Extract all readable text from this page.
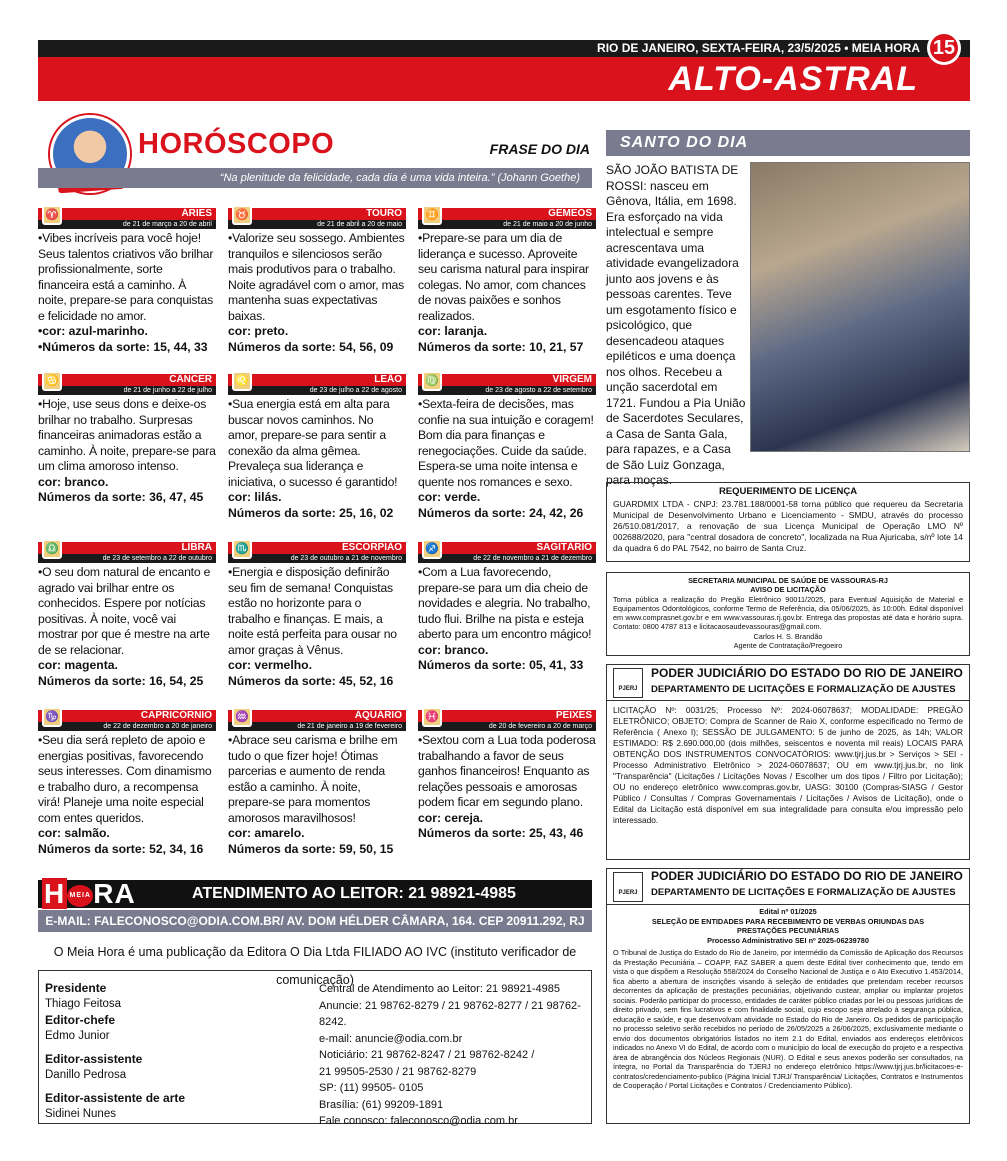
RIO DE JANEIRO, SEXTA-FEIRA, 23/5/2025 • MEIA HORA
ALTO-ASTRAL
15
HORÓSCOPO	FRASE DO DIA
“Na plenitude da felicidade, cada dia é uma vida inteira.” (Johann Goethe)
♈	ÁRIES
de 21 de março a 20 de abril
•Vibes incríveis para você hoje! Seus talentos criativos vão brilhar profissionalmente, sorte financeira está a caminho. À noite, prepare-se para conquistas e felicidade no amor.
•cor: azul-marinho.
•Números da sorte: 15, 44, 33
♉	TOURO
de 21 de abril a 20 de maio
•Valorize seu sossego. Ambientes tranquilos e silenciosos serão mais produtivos para o trabalho. Noite agradável com o amor, mas mantenha suas expectativas baixas.
cor: preto.
Números da sorte: 54, 56, 09
♊	GÊMEOS
de 21 de maio a 20 de junho
•Prepare-se para um dia de liderança e sucesso. Aproveite seu carisma natural para inspirar colegas. No amor, com chances de novas paixões e sonhos realizados.
cor: laranja.
Números da sorte: 10, 21, 57
♋	CÂNCER
de 21 de junho a 22 de julho
•Hoje, use seus dons e deixe-os brilhar no trabalho. Surpresas financeiras animadoras estão a caminho. À noite, prepare-se para um clima amoroso intenso.
cor: branco.
Números da sorte: 36, 47, 45
♌	LEÃO
de 23 de julho a 22 de agosto
•Sua energia está em alta para buscar novos caminhos. No amor, prepare-se para sentir a conexão da alma gêmea. Prevaleça sua liderança e iniciativa, o sucesso é garantido!
cor: lilás.
Números da sorte: 25, 16, 02
♍	VIRGEM
de 23 de agosto a 22 de setembro
•Sexta-feira de decisões, mas confie na sua intuição e coragem! Bom dia para finanças e renegociações. Cuide da saúde. Espera-se uma noite intensa e quente nos romances e sexo.
cor: verde.
Números da sorte: 24, 42, 26
♎	LIBRA
de 23 de setembro a 22 de outubro
•O seu dom natural de encanto e agrado vai brilhar entre os conhecidos. Espere por notícias positivas. À noite, você vai mostrar por que é mestre na arte de se relacionar.
cor: magenta.
Números da sorte: 16, 54, 25
♏	ESCORPIÃO
de 23 de outubro a 21 de novembro
•Energia e disposição definirão seu fim de semana! Conquistas estão no horizonte para o trabalho e finanças. E mais, a noite está perfeita para ousar no amor graças à Vênus.
cor: vermelho.
Números da sorte: 45, 52, 16
♐	SAGITÁRIO
de 22 de novembro a 21 de dezembro
•Com a Lua favorecendo, prepare-se para um dia cheio de novidades e alegria. No trabalho, tudo flui. Brilhe na pista e esteja aberto para um encontro mágico!
cor: branco.
Números da sorte: 05, 41, 33
♑	CAPRICÓRNIO
de 22 de dezembro a 20 de janeiro
•Seu dia será repleto de apoio e energias positivas, favorecendo seus interesses. Com dinamismo e trabalho duro, a recompensa virá! Planeje uma noite especial com entes queridos.
cor: salmão.
Números da sorte: 52, 34, 16
♒	AQUÁRIO
de 21 de janeiro a 19 de fevereiro
•Abrace seu carisma e brilhe em tudo o que fizer hoje! Ótimas parcerias e aumento de renda estão a caminho. À noite, prepare-se para momentos amorosos maravilhosos!
cor: amarelo.
Números da sorte: 59, 50, 15
♓	PEIXES
de 20 de fevereiro a 20 de março
•Sextou com a Lua toda poderosa trabalhando a favor de seus ganhos financeiros! Enquanto as relações pessoais e amorosas podem ficar em segundo plano.
cor: cereja.
Números da sorte: 25, 43, 46
H MEIARA	ATENDIMENTO AO LEITOR: 21 98921-4985
E-MAIL: FALECONOSCO@ODIA.COM.BR/ AV. DOM HÉLDER CÂMARA, 164. CEP 20911.292, RJ
O Meia Hora é uma publicação da Editora O Dia Ltda FILIADO AO IVC (instituto verificador de comunicação)
Presidente
Thiago Feitosa
Editor-chefe
Edmo Junior
Editor-assistente
Danillo Pedrosa
Editor-assistente de arte
Sidinei Nunes
Central de Atendimento ao Leitor: 21 98921-4985
Anuncie: 21 98762-8279 / 21 98762-8277 / 21 98762-8242.
e-mail: anuncie@odia.com.br
Noticiário: 21 98762-8247 / 21 98762-8242 /
21 99505-2530 / 21 98762-8279
SP: (11) 99505- 0105
Brasília: (61) 99209-1891
Fale conosco: faleconosco@odia.com.br
SANTO DO DIA
SÃO JOÃO BATISTA DE ROSSI: nasceu em Gênova, Itália, em 1698. Era esforçado na vida intelectual e sempre acrescentava uma atividade evangelizadora junto aos jovens e às pessoas carentes. Teve um esgotamento físico e psicológico, que desencadeou ataques epiléticos e uma doença nos olhos. Recebeu a unção sacerdotal em 1721. Fundou a Pia União de Sacerdotes Seculares, a Casa de Santa Gala, para rapazes, e a Casa de São Luiz Gonzaga, para moças.
REQUERIMENTO DE LICENÇA
GUARDMIX LTDA - CNPJ: 23.781.188/0001-58 torna público que requereu da Secretaria Municipal de Desenvolvimento Urbano e Licenciamento - SMDU, através do processo 26/510.081/2017, a renovação de sua Licença Municipal de Operação LMO Nº 002688/2020, para "central dosadora de concreto", localizada na Rua Ajuricaba, s/nº lote 14 da quadra 6 do PAL 7542, no bairro de Santa Cruz.
SECRETARIA MUNICIPAL DE SAÚDE DE VASSOURAS-RJ
AVISO DE LICITAÇÃO
Torna pública a realização do Pregão Eletrônico 90011/2025, para Eventual Aquisição de Material e Equipamentos Odontológicos, conforme Termo de Referência, dia 05/06/2025, às 10:00h. Edital disponível em www.comprasnet.gov.br e em www.vassouras.rj.gov.br. Entrega das propostas até data e horário supra. Contato: 0800 4787 813 e licitacaosaudevassouras@gmail.com.
Carlos H. S. Brandão
Agente de Contratação/Pregoeiro
PJERJ
PODER JUDICIÁRIO DO ESTADO DO RIO DE JANEIRO
DEPARTAMENTO DE LICITAÇÕES E FORMALIZAÇÃO DE AJUSTES
LICITAÇÃO Nº: 0031/25; Processo Nº: 2024-06078637; MODALIDADE: PREGÃO ELETRÔNICO; OBJETO: Compra de Scanner de Raio X, conforme especificado no Termo de Referência ( Anexo I); SESSÃO DE JULGAMENTO: 5 de junho de 2025, às 14h; VALOR ESTIMADO: R$ 2.690.000,00 (dois milhões, seiscentos e noventa mil reais) LOCAIS PARA OBTENÇÃO DOS INSTRUMENTOS CONVOCATÓRIOS: www.tjrj.jus.br > Serviços > SEI - Processo Administrativo Eletrônico > 2024-06078637; OU em www.tjrj.jus.br, no link "Transparência" (Licitações / Licitações Novas / Escolher um dos tipos / Filtro por Licitação); OU no endereço eletrônico www.compras.gov.br, UASG: 30100 (Compras-SIASG / Gestor Público / Consultas / Compras Governamentais / Licitações / Avisos de Licitação), onde o Edital da Licitação está disponível em sua integralidade para consulta e/ou impressão pelo interessado.
PJERJ
PODER JUDICIÁRIO DO ESTADO DO RIO DE JANEIRO
DEPARTAMENTO DE LICITAÇÕES E FORMALIZAÇÃO DE AJUSTES
Edital nº 01/2025
SELEÇÃO DE ENTIDADES PARA RECEBIMENTO DE VERBAS ORIUNDAS DAS PRESTAÇÕES PECUNIÁRIAS
Processo Administrativo SEI nº 2025-06239780
O Tribunal de Justiça do Estado do Rio de Janeiro, por intermédio da Comissão de Aplicação dos Recursos da Prestação Pecuniária – COAPP, FAZ SABER a quem deste Edital tiver conhecimento que, tendo em vista o que dispõem a Resolução 558/2024 do Conselho Nacional de Justiça e o Ato Executivo 1.453/2014, fica aberto a abertura de inscrições visando à seleção de entidades que pretendam receber recursos decorrentes da aplicação de prestações pecuniárias, objetivando custear, ampliar ou implantar projetos sociais. Poderão participar do processo, entidades de caráter público criadas por lei ou pessoas jurídicas de direito privado, sem fins lucrativos e com finalidade social, cujo escopo seja atrelado à segurança pública, educação e saúde, e que desenvolvam atividade no Estado do Rio de Janeiro. Os pedidos de participação no processo seletivo serão recebidos no período de 26/05/2025 a 26/06/2025, exclusivamente mediante o envio dos documentos obrigatórios listados no item 2.1 do Edital, enviados aos endereços eletrônicos indicados no Anexo VI do Edital, de acordo com o município do local de execução do projeto e a respectiva área de abrangência dos Núcleos Regionais (NUR). O Edital e seus anexos poderão ser consultados, na íntegra, no Portal da Transparência do TJERJ no endereço eletrônico https://www.tjrj.jus.br/licitacoes-e-contratos/credenciamento-publico (Página Inicial TJRJ/ Transparência/ Licitações, Contratos e Instrumentos de Cooperação / Portal Licitações e Contratos / Credenciamento Público).
